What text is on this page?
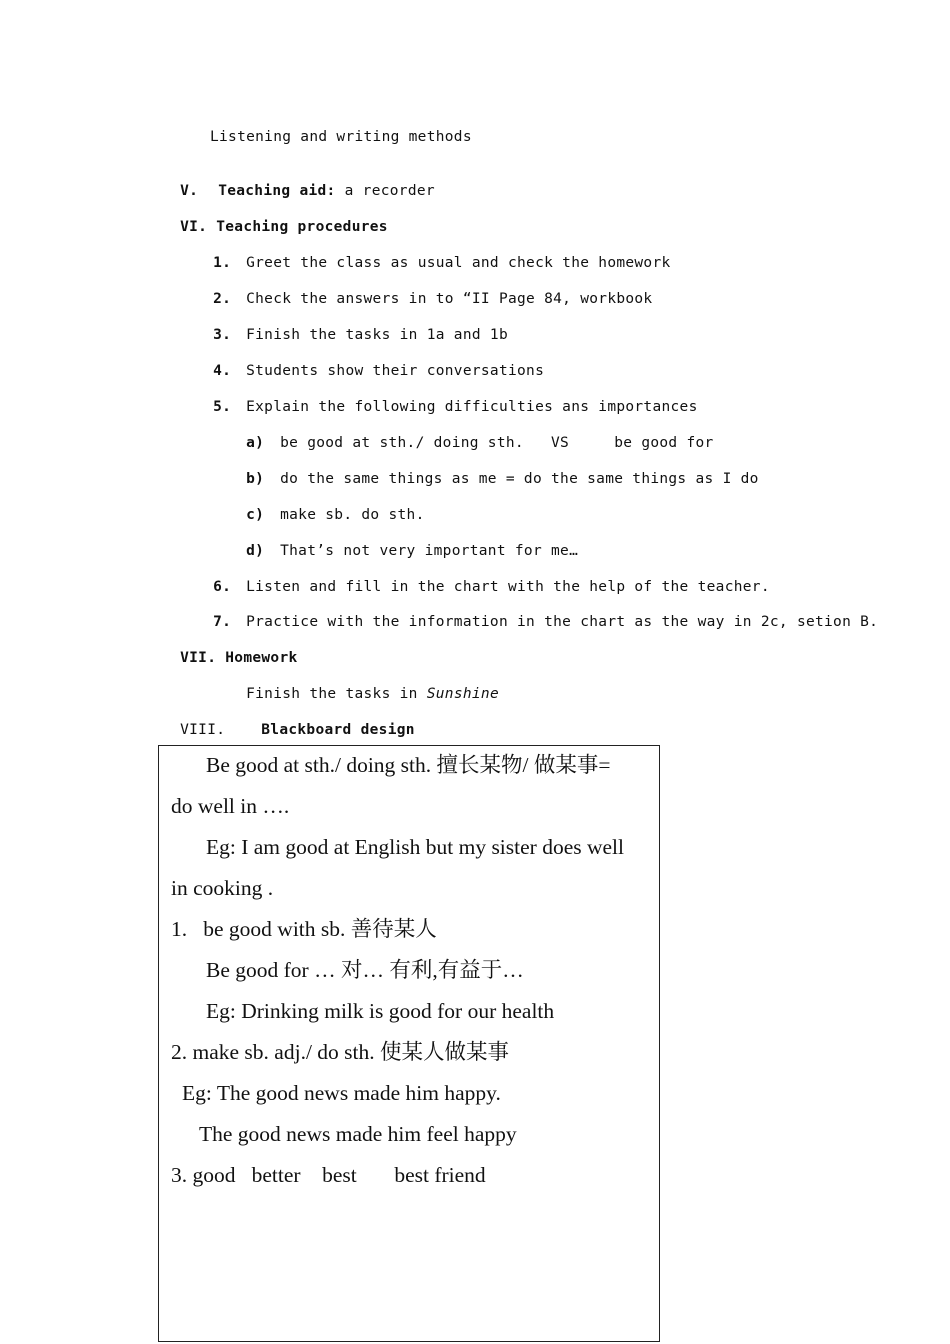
Listening and writing methods

V. Teaching aid: a recorder

VI. Teaching procedures

1. Greet the class as usual and check the homework

2. Check the answers in to “II Page 84, workbook

3. Finish the tasks in 1a and 1b

4. Students show their conversations

5. Explain the following difficulties ans importances

a) be good at sth./ doing sth.   VS     be good for

b) do the same things as me = do the same things as I do

c) make sb. do sth.

d) That’s not very important for me…

6. Listen and fill in the chart with the help of the teacher.

7. Practice with the information in the chart as the way in 2c, setion B.

VII. Homework

Finish the tasks in Sunshine

VIII. Blackboard design

Be good at sth./ doing sth. 擅长某物/ 做某事=
do well in ….
Eg: I am good at English but my sister does well
in cooking .
1.   be good with sb. 善待某人
Be good for … 对… 有利,有益于…
Eg: Drinking milk is good for our health
2. make sb. adj./ do sth. 使某人做某事
Eg: The good news made him happy.
The good news made him feel happy
3. good   better    best       best friend
